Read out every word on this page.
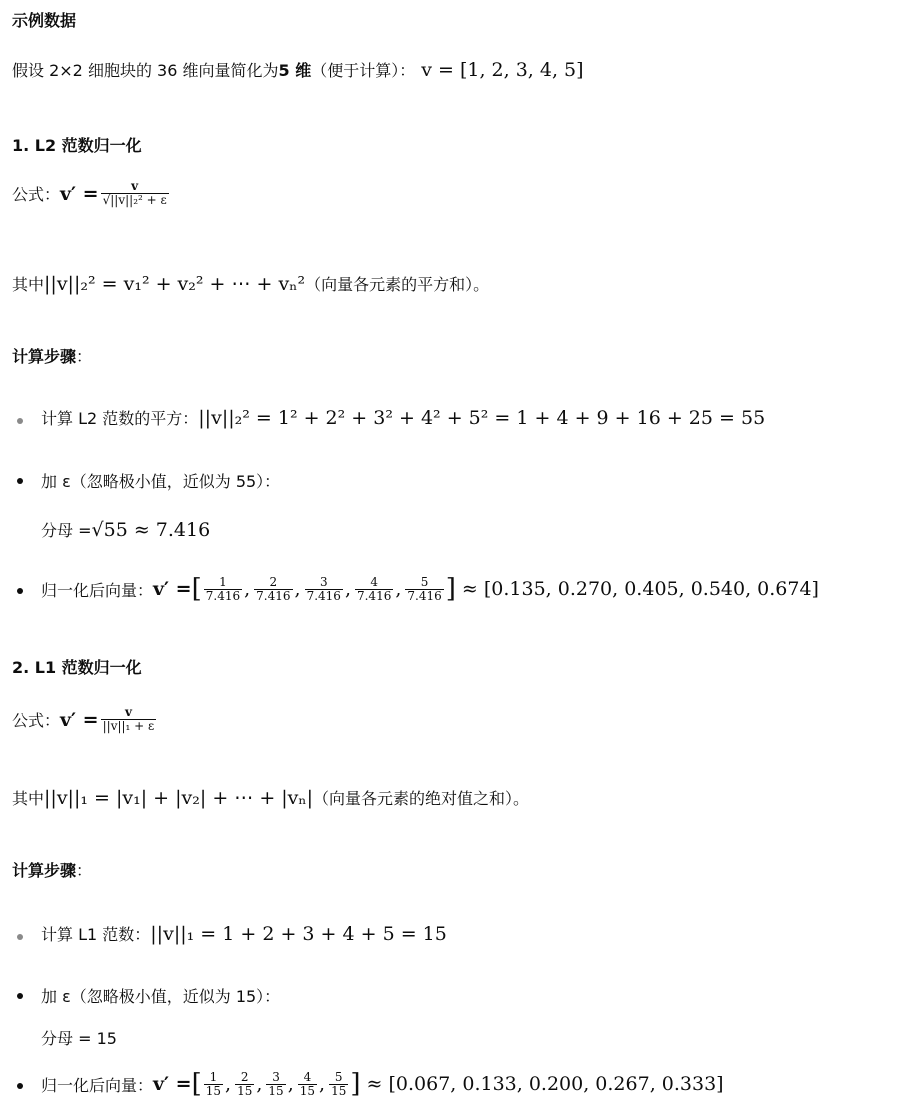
示例数据
假设 2×2 细胞块的 36 维向量简化为 5 维 （便于计算）： v = [1, 2, 3, 4, 5]
1. L2 范数归一化
公式： $v' = \frac{v}{\text{√||v||₂² + ε}}$
其中 ||v||₂² = v₁² + v₂² + ⋯ + vₙ² （向量各元素的平方和）。
计算步骤 ：
计算 L2 范数的平方： ||v||₂² = 1² + 2² + 3² + 4² + 5² = 1 + 4 + 9 + 16 + 25 = 55
加 ε（忽略极小值，近似为 55）：
分母 = √55 ≈ 7.416
归一化后向量： v′ = [ $\frac{1}{7.416}$ , $\frac{2}{7.416}$ , $\frac{3}{7.416}$ , $\frac{4}{7.416}$ , $\frac{5}{7.416}$ ] ≈ [0.135, 0.270, 0.405, 0.540, 0.674]
2. L1 范数归一化
公式： $v' = \frac{v}{\text{||v||₁ + ε}}$
其中 ||v||₁ = |v₁| + |v₂| + ⋯ + |vₙ| （向量各元素的绝对值之和）。
计算步骤 ：
计算 L1 范数： ||v||₁ = 1 + 2 + 3 + 4 + 5 = 15
加 ε（忽略极小值，近似为 15）：
分母 = 15
归一化后向量： v′ = [ $\frac{1}{15}$ , $\frac{2}{15}$ , $\frac{3}{15}$ , $\frac{4}{15}$ , $\frac{5}{15}$ ] ≈ [0.067, 0.133, 0.200, 0.267, 0.333]
